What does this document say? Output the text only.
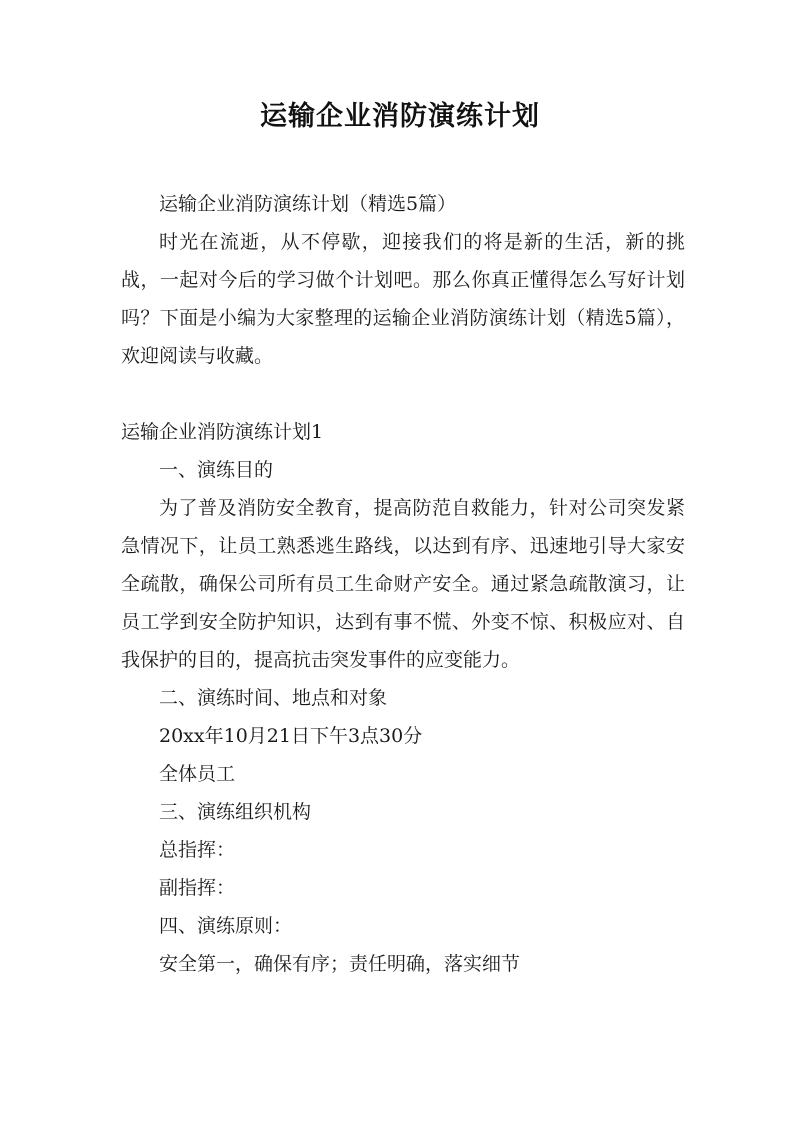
运输企业消防演练计划

运输企业消防演练计划（精选5篇）

时光在流逝，从不停歇，迎接我们的将是新的生活，新的挑战，一起对今后的学习做个计划吧。那么你真正懂得怎么写好计划吗？下面是小编为大家整理的运输企业消防演练计划（精选5篇），欢迎阅读与收藏。

运输企业消防演练计划1

一、演练目的

为了普及消防安全教育，提高防范自救能力，针对公司突发紧急情况下，让员工熟悉逃生路线，以达到有序、迅速地引导大家安全疏散，确保公司所有员工生命财产安全。通过紧急疏散演习，让员工学到安全防护知识，达到有事不慌、外变不惊、积极应对、自我保护的目的，提高抗击突发事件的应变能力。

二、演练时间、地点和对象

20xx年10月21日下午3点30分

全体员工

三、演练组织机构

总指挥：

副指挥：

四、演练原则：

安全第一，确保有序；责任明确，落实细节
